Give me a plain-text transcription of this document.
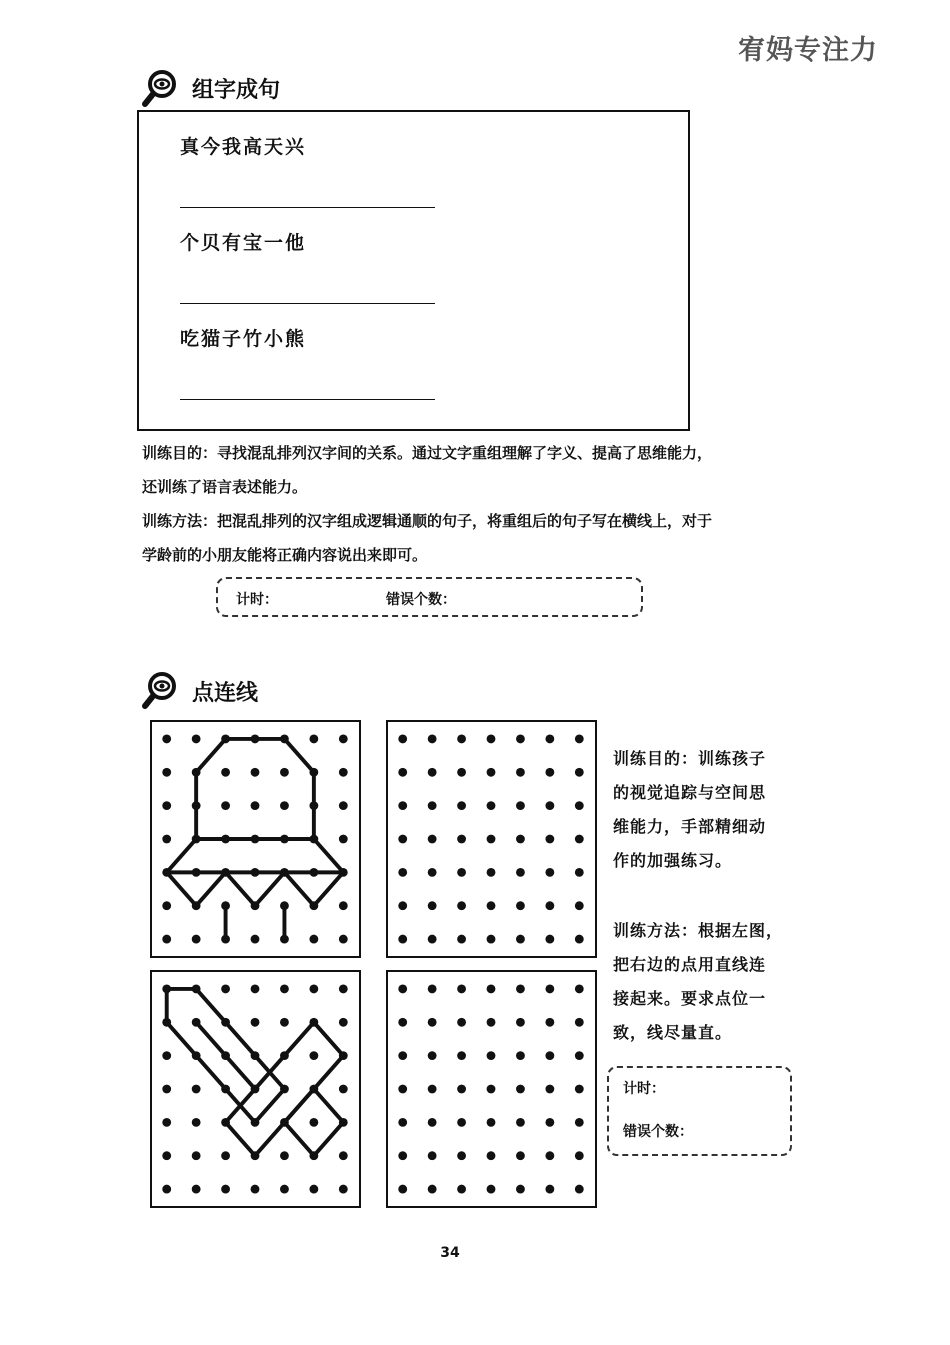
宥妈专注力
组字成句
真今我高天兴
个贝有宝一他
吃猫子竹小熊
训练目的：寻找混乱排列汉字间的关系。通过文字重组理解了字义、提高了思维能力，
还训练了语言表述能力。
训练方法：把混乱排列的汉字组成逻辑通顺的句子，将重组后的句子写在横线上，对于
学龄前的小朋友能将正确内容说出来即可。
计时：	错误个数：
点连线
训练目的：训练孩子
的视觉追踪与空间思
维能力，手部精细动
作的加强练习。
训练方法：根据左图，
把右边的点用直线连
接起来。要求点位一
致，线尽量直。
计时：
错误个数：
34
